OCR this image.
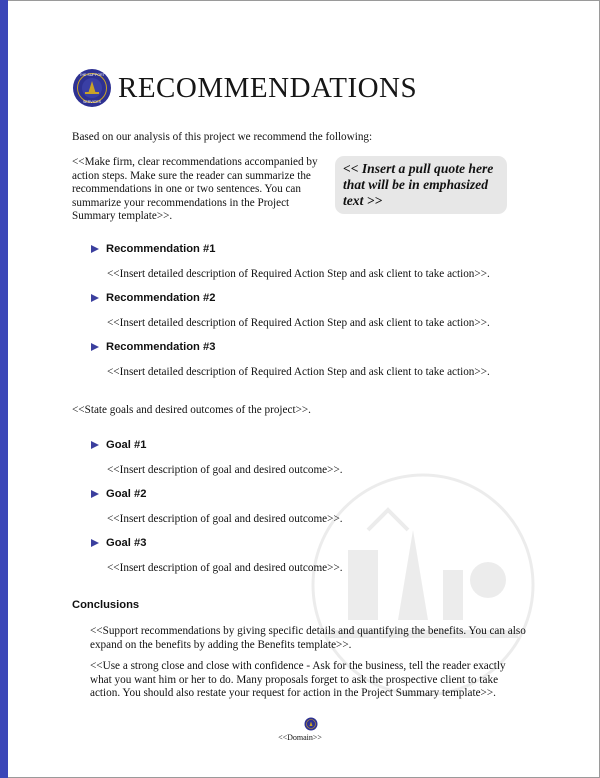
THE SUPPORT
SERVICES RECOMMENDATIONS
Based on our analysis of this project we recommend the following:
<<Make firm, clear recommendations accompanied by action steps. Make sure the reader can summarize the recommendations in one or two sentences. You can summarize your recommendations in the Project Summary template>>.
<< Insert a pull quote here that will be in emphasized text >>
Recommendation #1
<<Insert detailed description of Required Action Step and ask client to take action>>.
Recommendation #2
<<Insert detailed description of Required Action Step and ask client to take action>>.
Recommendation #3
<<Insert detailed description of Required Action Step and ask client to take action>>.
<<State goals and desired outcomes of the project>>.
Goal #1
<<Insert description of goal and desired outcome>>.
Goal #2
<<Insert description of goal and desired outcome>>.
Goal #3
<<Insert description of goal and desired outcome>>.
Conclusions
<<Support recommendations by giving specific details and quantifying the benefits. You can also expand on the benefits by adding the Benefits template>>.
<<Use a strong close and close with confidence - Ask for the business, tell the reader exactly what you want him or her to do. Many proposals forget to ask the prospective client to take action. You should also restate your request for action in the Project Summary template>>.
<<Domain>>
